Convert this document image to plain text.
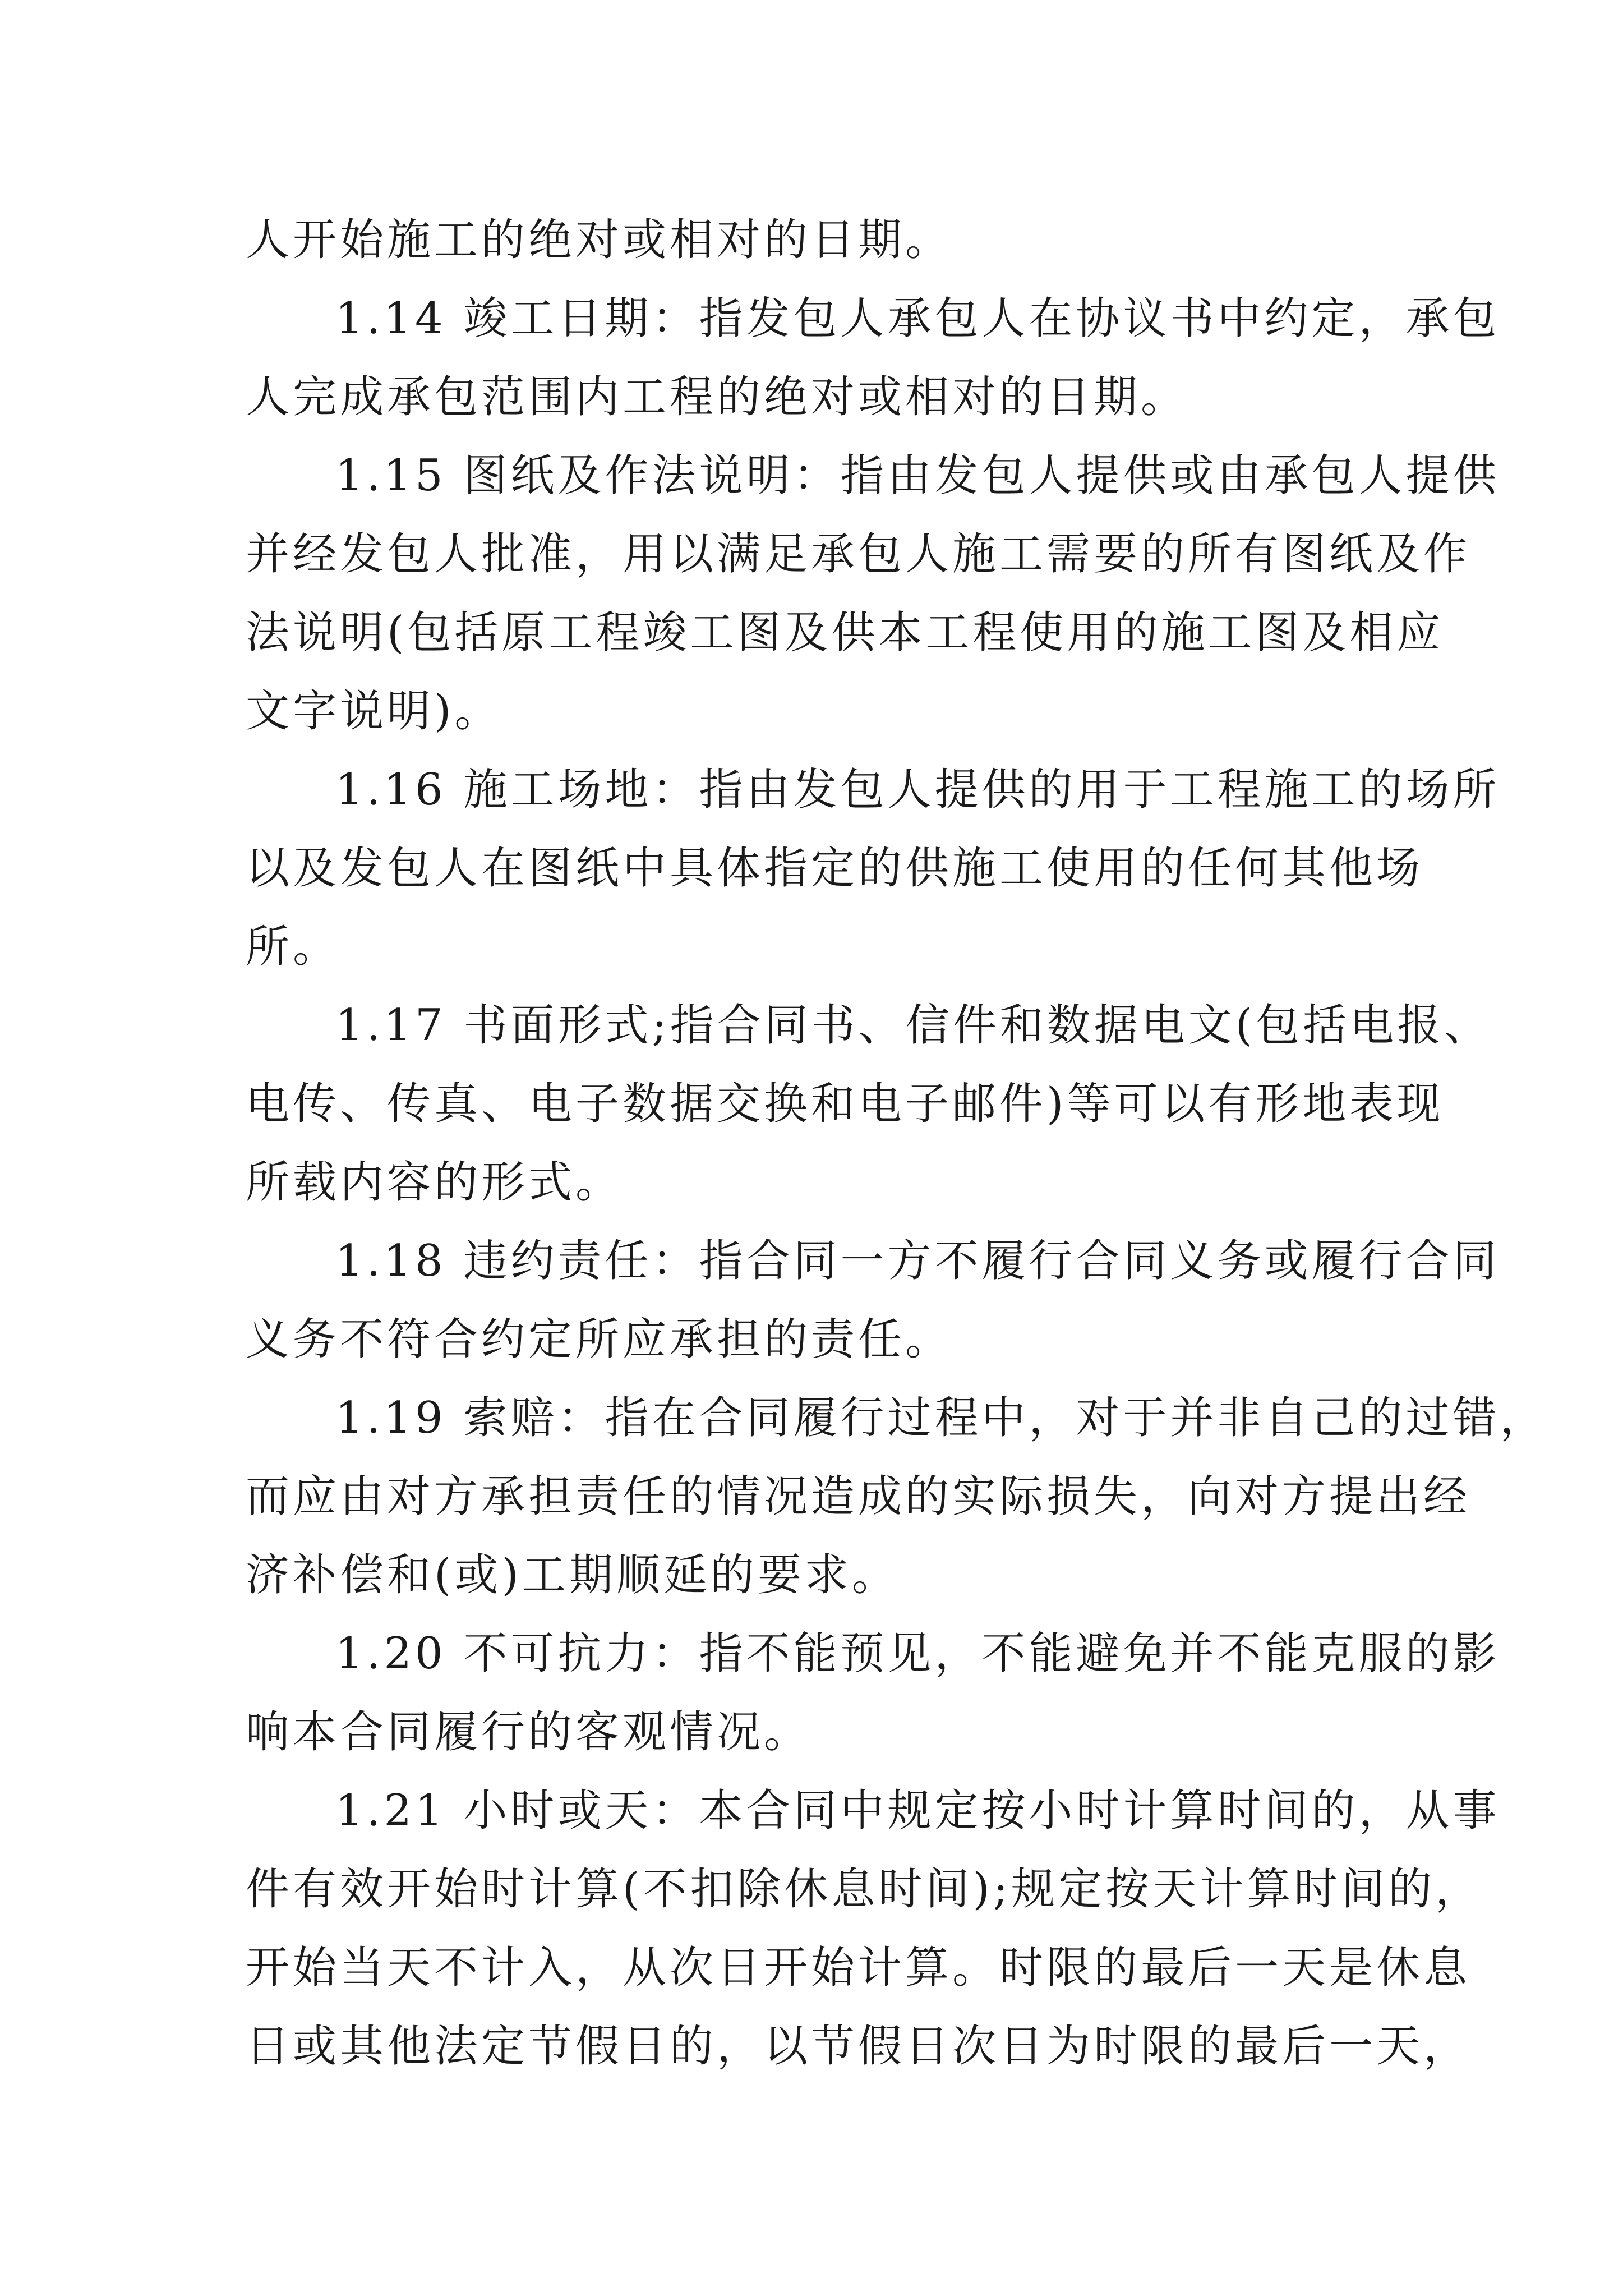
人开始施工的绝对或相对的日期。

1.14 竣工日期：指发包人承包人在协议书中约定，承包

人完成承包范围内工程的绝对或相对的日期。

1.15 图纸及作法说明：指由发包人提供或由承包人提供

并经发包人批准，用以满足承包人施工需要的所有图纸及作

法说明(包括原工程竣工图及供本工程使用的施工图及相应

文字说明)。

1.16 施工场地：指由发包人提供的用于工程施工的场所

以及发包人在图纸中具体指定的供施工使用的任何其他场

所。

1.17 书面形式;指合同书、信件和数据电文(包括电报、

电传、传真、电子数据交换和电子邮件)等可以有形地表现

所载内容的形式。

1.18 违约责任：指合同一方不履行合同义务或履行合同

义务不符合约定所应承担的责任。

1.19 索赔：指在合同履行过程中，对于并非自己的过错，

而应由对方承担责任的情况造成的实际损失，向对方提出经

济补偿和(或)工期顺延的要求。

1.20 不可抗力：指不能预见，不能避免并不能克服的影

响本合同履行的客观情况。

1.21 小时或天：本合同中规定按小时计算时间的，从事

件有效开始时计算(不扣除休息时间);规定按天计算时间的，

开始当天不计入，从次日开始计算。时限的最后一天是休息

日或其他法定节假日的，以节假日次日为时限的最后一天，
